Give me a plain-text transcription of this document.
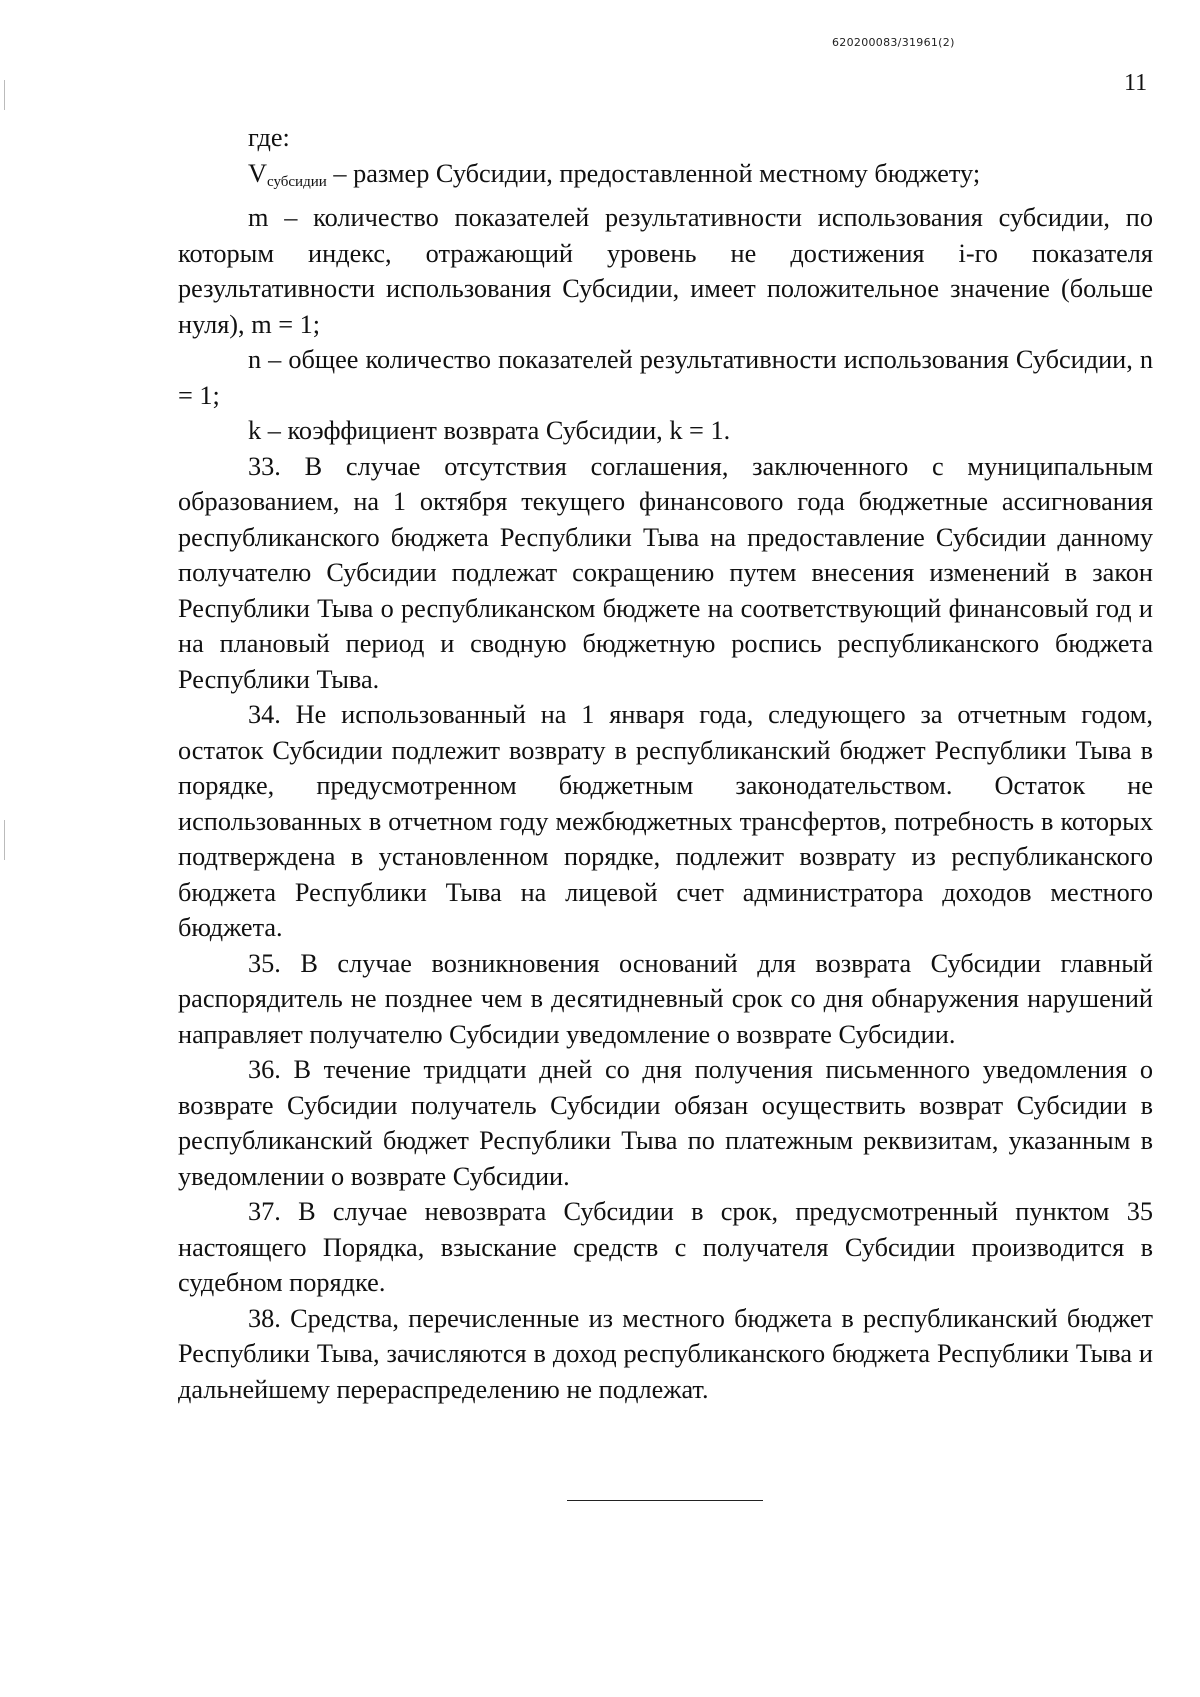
620200083/31961(2)
11

где:

$V_{субсидии}$ – размер Субсидии, предоставленной местному бюджету;

m – количество показателей результативности использования субсидии, по которым индекс, отражающий уровень не достижения i-го показателя результативности использования Субсидии, имеет положительное значение (больше нуля), m = 1;

n – общее количество показателей результативности использования Субсидии, n = 1;

k – коэффициент возврата Субсидии, k = 1.

33. В случае отсутствия соглашения, заключенного с муниципальным образованием, на 1 октября текущего финансового года бюджетные ассигнования республиканского бюджета Республики Тыва на предоставление Субсидии данному получателю Субсидии подлежат сокращению путем внесения изменений в закон Республики Тыва о республиканском бюджете на соответствующий финансовый год и на плановый период и сводную бюджетную роспись республиканского бюджета Республики Тыва.

34. Не использованный на 1 января года, следующего за отчетным годом, остаток Субсидии подлежит возврату в республиканский бюджет Республики Тыва в порядке, предусмотренном бюджетным законодательством. Остаток не использованных в отчетном году межбюджетных трансфертов, потребность в которых подтверждена в установленном порядке, подлежит возврату из республиканского бюджета Республики Тыва на лицевой счет администратора доходов местного бюджета.

35. В случае возникновения оснований для возврата Субсидии главный распорядитель не позднее чем в десятидневный срок со дня обнаружения нарушений направляет получателю Субсидии уведомление о возврате Субсидии.

36. В течение тридцати дней со дня получения письменного уведомления о возврате Субсидии получатель Субсидии обязан осуществить возврат Субсидии в республиканский бюджет Республики Тыва по платежным реквизитам, указанным в уведомлении о возврате Субсидии.

37. В случае невозврата Субсидии в срок, предусмотренный пунктом 35 настоящего Порядка, взыскание средств с получателя Субсидии производится в судебном порядке.

38. Средства, перечисленные из местного бюджета в республиканский бюджет Республики Тыва, зачисляются в доход республиканского бюджета Республики Тыва и дальнейшему перераспределению не подлежат.
